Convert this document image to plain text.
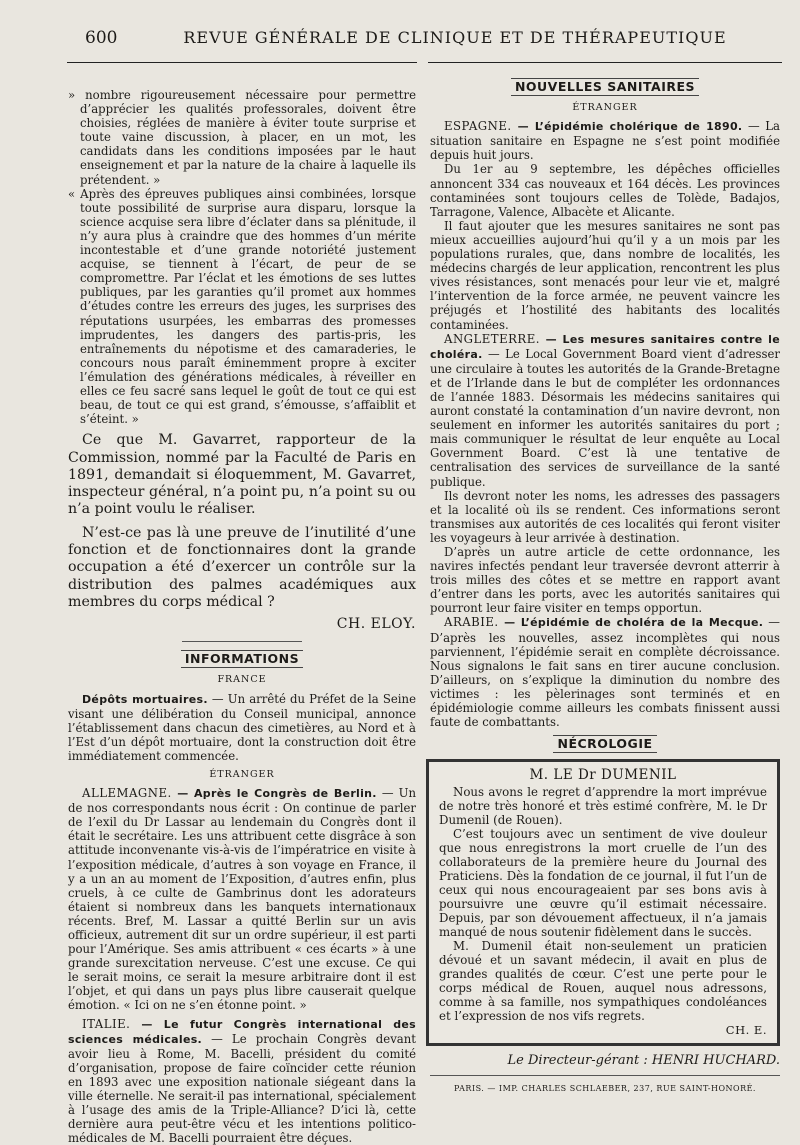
600	REVUE GÉNÉRALE DE CLINIQUE ET DE THÉRAPEUTIQUE

» nombre rigoureusement nécessaire pour permettre d’apprécier les qualités professorales, doivent être choisies, réglées de manière à éviter toute surprise et toute vaine discussion, à placer, en un mot, les candidats dans les conditions imposées par le haut enseignement et par la nature de la chaire à laquelle ils prétendent. »

« Après des épreuves publiques ainsi combinées, lorsque toute possibilité de surprise aura disparu, lorsque la science acquise sera libre d’éclater dans sa plénitude, il n’y aura plus à craindre que des hommes d’un mérite incontestable et d’une grande notoriété justement acquise, se tiennent à l’écart, de peur de se compromettre. Par l’éclat et les émotions de ses luttes publiques, par les garanties qu’il promet aux hommes d’études contre les erreurs des juges, les surprises des réputations usurpées, les embarras des promesses imprudentes, les dangers des partis-pris, les entraînements du népotisme et des camaraderies, le concours nous paraît éminemment propre à exciter l’émulation des générations médicales, à réveiller en elles ce feu sacré sans lequel le goût de tout ce qui est beau, de tout ce qui est grand, s’émousse, s’affaiblit et s’éteint. »

Ce que M. Gavarret, rapporteur de la Commission, nommé par la Faculté de Paris en 1891, demandait si éloquemment, M. Gavarret, inspecteur général, n’a point pu, n’a point su ou n’a point voulu le réaliser.

N’est-ce pas là une preuve de l’inutilité d’une fonction et de fonctionnaires dont la grande occupation a été d’exercer un contrôle sur la distribution des palmes académiques aux membres du corps médical ?

CH. ELOY.

INFORMATIONS
FRANCE

Dépôts mortuaires. — Un arrêté du Préfet de la Seine visant une délibération du Conseil municipal, annonce l’établissement dans chacun des cimetières, au Nord et à l’Est d’un dépôt mortuaire, dont la construction doit être immédiatement commencée.

ÉTRANGER

ALLEMAGNE. — Après le Congrès de Berlin. — Un de nos correspondants nous écrit : On continue de parler de l’exil du Dr Lassar au lendemain du Congrès dont il était le secrétaire. Les uns attribuent cette disgrâce à son attitude inconvenante vis-à-vis de l’impératrice en visite à l’exposition médicale, d’autres à son voyage en France, il y a un an au moment de l’Exposition, d’autres enfin, plus cruels, à ce culte de Gambrinus dont les adorateurs étaient si nombreux dans les banquets internationaux récents. Bref, M. Lassar a quitté Berlin sur un avis officieux, autrement dit sur un ordre supérieur, il est parti pour l’Amérique. Ses amis attribuent « ces écarts » à une grande surexcitation nerveuse. C’est une excuse. Ce qui le serait moins, ce serait la mesure arbitraire dont il est l’objet, et qui dans un pays plus libre causerait quelque émotion. « Ici on ne s’en étonne point. »

ITALIE. — Le futur Congrès international des sciences médicales. — Le prochain Congrès devant avoir lieu à Rome, M. Bacelli, président du comité d’organisation, propose de faire coïncider cette réunion en 1893 avec une exposition nationale siégeant dans la ville éternelle. Ne serait-il pas international, spécialement à l’usage des amis de la Triple-Alliance? D’ici là, cette dernière aura peut-être vécu et les intentions politico-médicales de M. Bacelli pourraient être déçues.

NOUVELLES SANITAIRES
ÉTRANGER

ESPAGNE. — L’épidémie cholérique de 1890. — La situation sanitaire en Espagne ne s’est point modifiée depuis huit jours.

Du 1er au 9 septembre, les dépêches officielles annoncent 334 cas nouveaux et 164 décès. Les provinces contaminées sont toujours celles de Tolède, Badajos, Tarragone, Valence, Albacète et Alicante.

Il faut ajouter que les mesures sanitaires ne sont pas mieux accueillies aujourd’hui qu’il y a un mois par les populations rurales, que, dans nombre de localités, les médecins chargés de leur application, rencontrent les plus vives résistances, sont menacés pour leur vie et, malgré l’intervention de la force armée, ne peuvent vaincre les préjugés et l’hostilité des habitants des localités contaminées.

ANGLETERRE. — Les mesures sanitaires contre le choléra. — Le Local Government Board vient d’adresser une circulaire à toutes les autorités de la Grande-Bretagne et de l’Irlande dans le but de compléter les ordonnances de l’année 1883. Désormais les médecins sanitaires qui auront constaté la contamination d’un navire devront, non seulement en informer les autorités sanitaires du port ; mais communiquer le résultat de leur enquête au Local Government Board. C’est là une tentative de centralisation des services de surveillance de la santé publique.

Ils devront noter les noms, les adresses des passagers et la localité où ils se rendent. Ces informations seront transmises aux autorités de ces localités qui feront visiter les voyageurs à leur arrivée à destination.

D’après un autre article de cette ordonnance, les navires infectés pendant leur traversée devront atterrir à trois milles des côtes et se mettre en rapport avant d’entrer dans les ports, avec les autorités sanitaires qui pourront leur faire visiter en temps opportun.

ARABIE. — L’épidémie de choléra de la Mecque. — D’après les nouvelles, assez incomplètes qui nous parviennent, l’épidémie serait en complète décroissance. Nous signalons le fait sans en tirer aucune conclusion. D’ailleurs, on s’explique la diminution du nombre des victimes : les pèlerinages sont terminés et en épidémiologie comme ailleurs les combats finissent aussi faute de combattants.

NÉCROLOGIE
M. LE Dr DUMENIL

Nous avons le regret d’apprendre la mort imprévue de notre très honoré et très estimé confrère, M. le Dr Dumenil (de Rouen).

C’est toujours avec un sentiment de vive douleur que nous enregistrons la mort cruelle de l’un des collaborateurs de la première heure du Journal des Praticiens. Dès la fondation de ce journal, il fut l’un de ceux qui nous encourageaient par ses bons avis à poursuivre une œuvre qu’il estimait nécessaire. Depuis, par son dévouement affectueux, il n’a jamais manqué de nous soutenir fidèlement dans le succès.

M. Dumenil était non-seulement un praticien dévoué et un savant médecin, il avait en plus de grandes qualités de cœur. C’est une perte pour le corps médical de Rouen, auquel nous adressons, comme à sa famille, nos sympathiques condoléances et l’expression de nos vifs regrets.

CH. E.

Le Directeur-gérant : HENRI HUCHARD.

PARIS. — IMP. CHARLES SCHLAEBER, 237, RUE SAINT-HONORÉ.
